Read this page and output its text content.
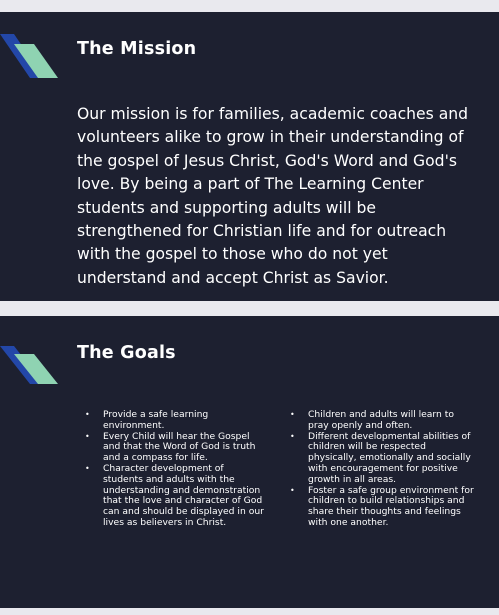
The Mission

Our mission is for families, academic coaches and volunteers alike to grow in their understanding of the gospel of Jesus Christ, God's Word and God's love. By being a part of The Learning Center students and supporting adults will be strengthened for Christian life and for outreach with the gospel to those who do not yet understand and accept Christ as Savior.

The Goals
• Provide a safe learning environment.
• Every Child will hear the Gospel and that the Word of God is truth and a compass for life.
• Character development of students and adults with the understanding and demonstration that the love and character of God can and should be displayed in our lives as believers in Christ.
• Children and adults will learn to pray openly and often.
• Different developmental abilities of children will be respected physically, emotionally and socially with encouragement for positive growth in all areas.
• Foster a safe group environment for children to build relationships and share their thoughts and feelings with one another.
